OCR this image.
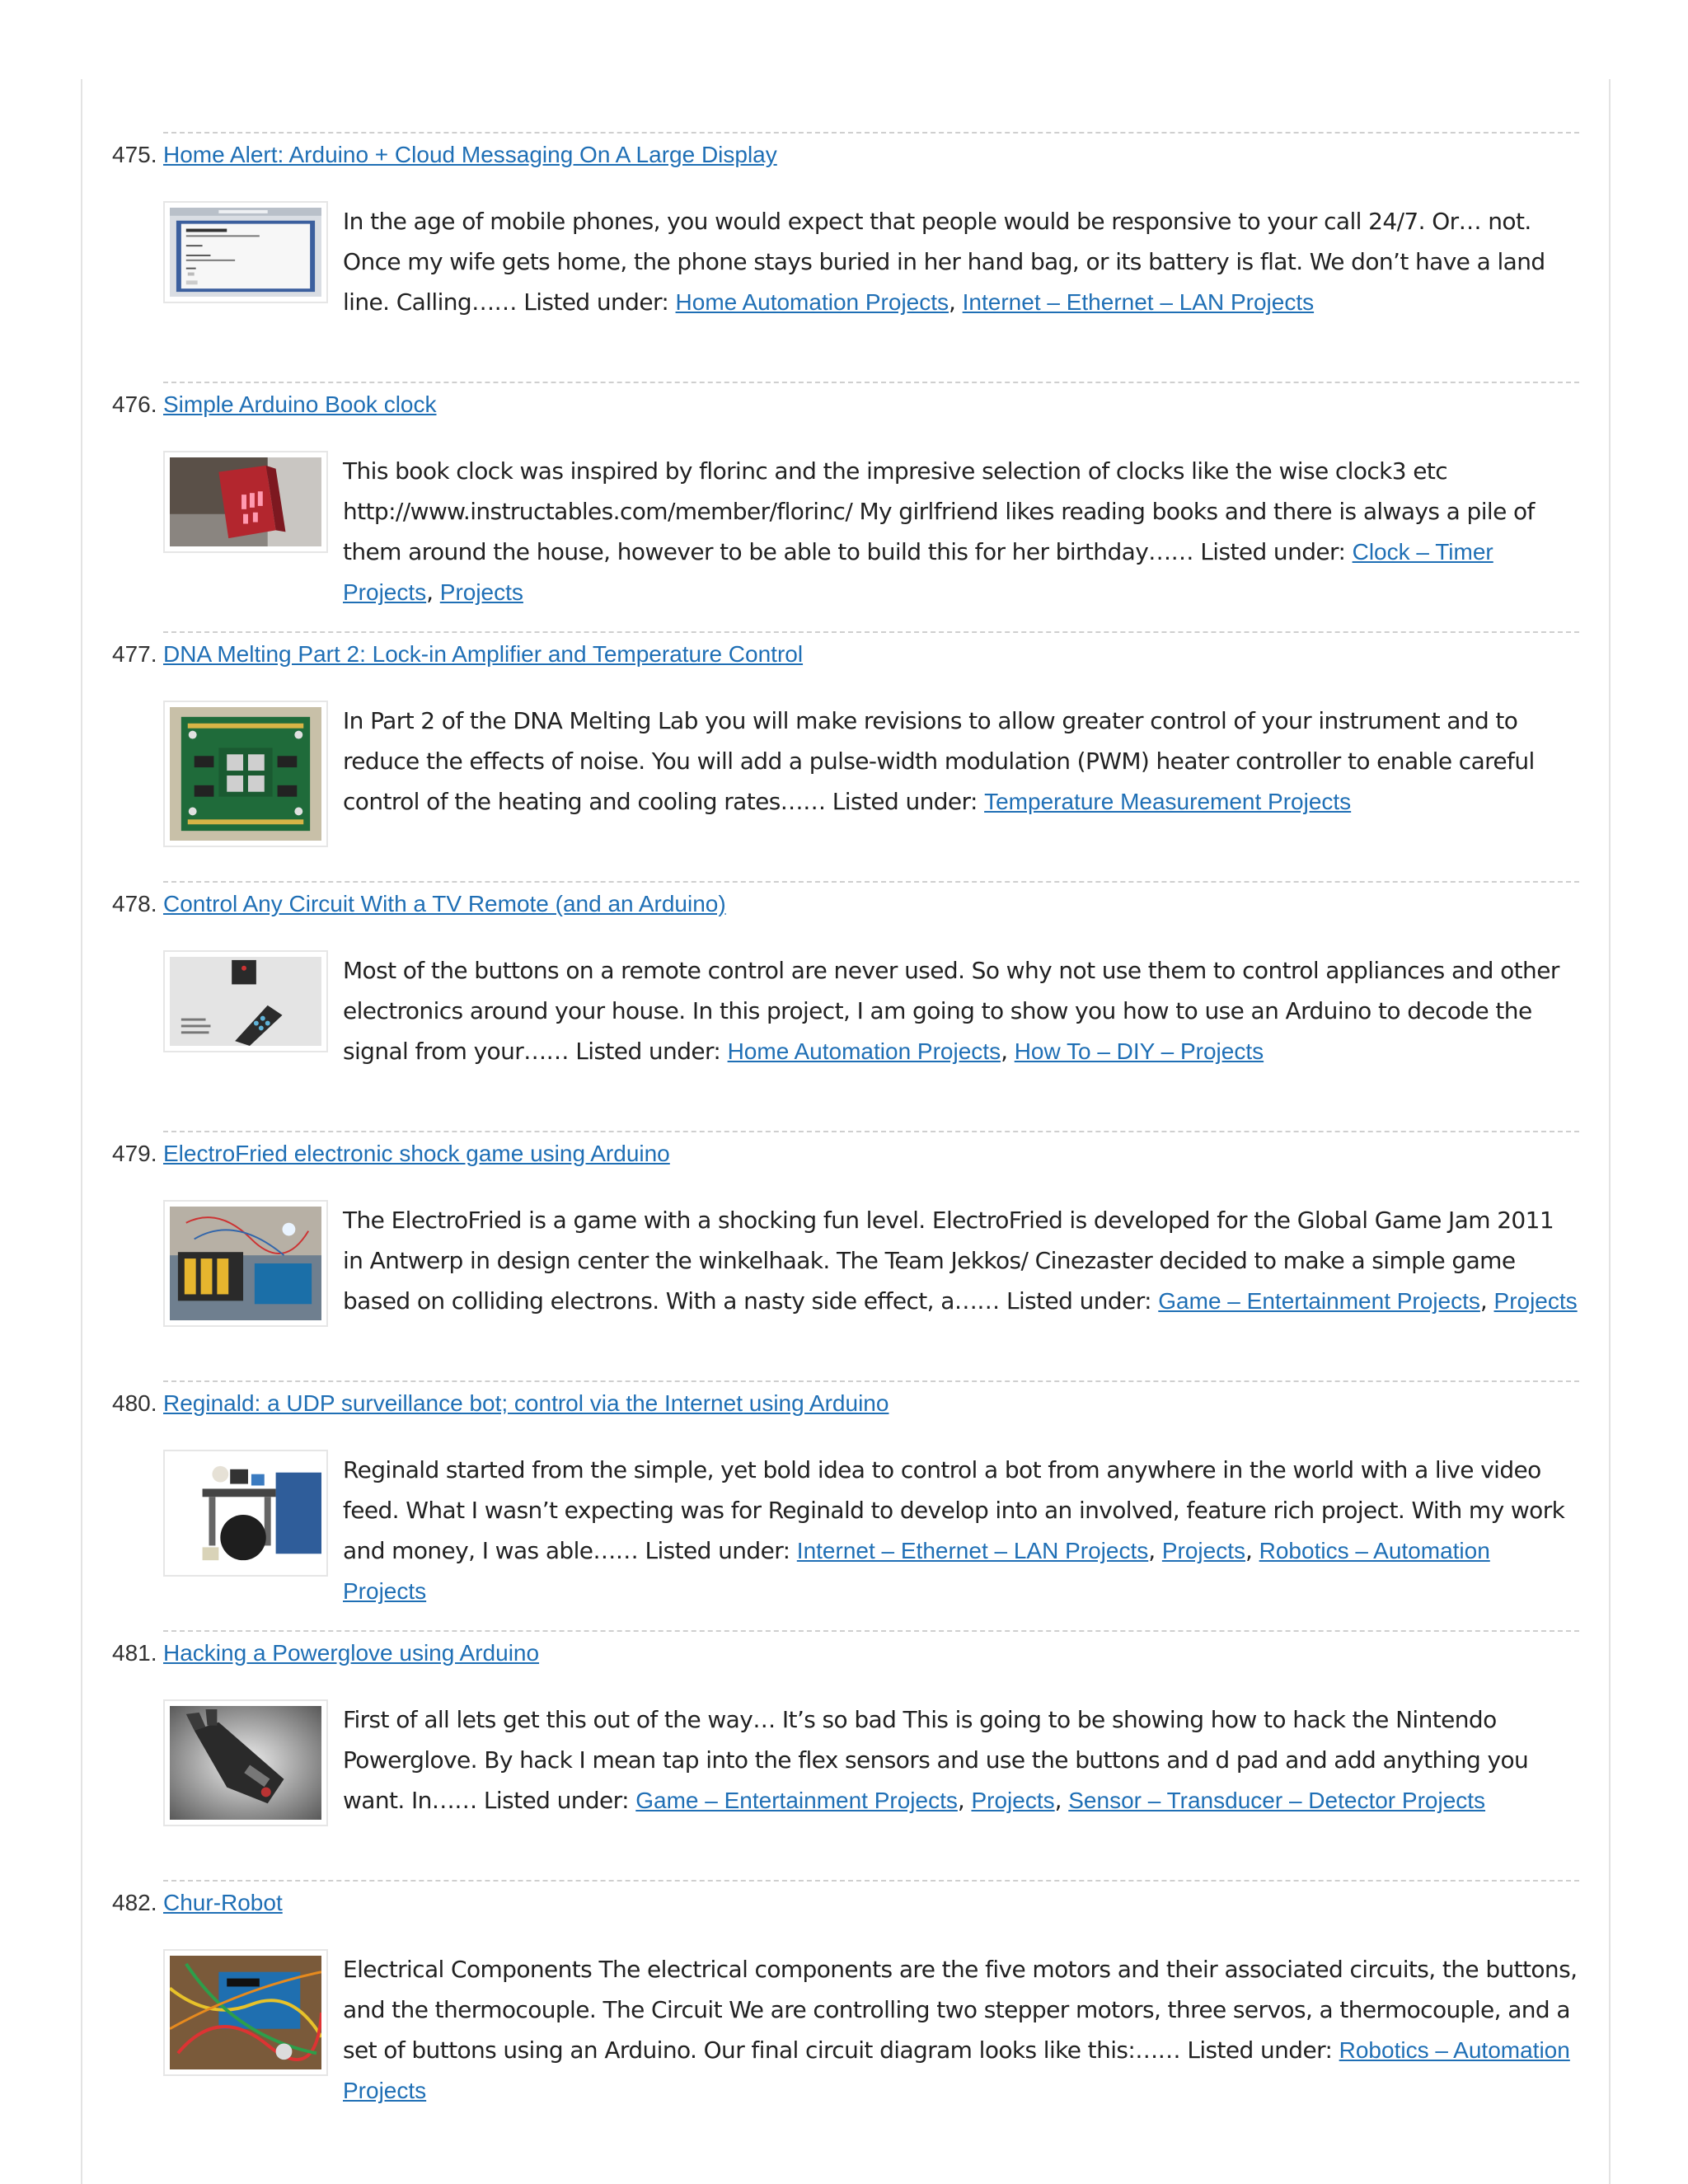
475. Home Alert: Arduino + Cloud Messaging On A Large Display
In the age of mobile phones, you would expect that people would be responsive to your call 24/7. Or… not. Once my wife gets home, the phone stays buried in her hand bag, or its battery is flat. We don’t have a land line. Calling…… Listed under: Home Automation Projects, Internet – Ethernet – LAN Projects
476. Simple Arduino Book clock
This book clock was inspired by florinc and the impresive selection of clocks like the wise clock3 etc http://www.instructables.com/member/florinc/ My girlfriend likes reading books and there is always a pile of them around the house, however to be able to build this for her birthday…… Listed under: Clock – Timer Projects, Projects
477. DNA Melting Part 2: Lock-in Amplifier and Temperature Control
In Part 2 of the DNA Melting Lab you will make revisions to allow greater control of your instrument and to reduce the effects of noise. You will add a pulse-width modulation (PWM) heater controller to enable careful control of the heating and cooling rates…… Listed under: Temperature Measurement Projects
478. Control Any Circuit With a TV Remote (and an Arduino)
Most of the buttons on a remote control are never used. So why not use them to control appliances and other electronics around your house. In this project, I am going to show you how to use an Arduino to decode the signal from your…… Listed under: Home Automation Projects, How To – DIY – Projects
479. ElectroFried electronic shock game using Arduino
The ElectroFried is a game with a shocking fun level. ElectroFried is developed for the Global Game Jam 2011 in Antwerp in design center the winkelhaak. The Team Jekkos/ Cinezaster decided to make a simple game based on colliding electrons. With a nasty side effect, a…… Listed under: Game – Entertainment Projects, Projects
480. Reginald: a UDP surveillance bot; control via the Internet using Arduino
Reginald started from the simple, yet bold idea to control a bot from anywhere in the world with a live video feed. What I wasn’t expecting was for Reginald to develop into an involved, feature rich project. With my work and money, I was able…… Listed under: Internet – Ethernet – LAN Projects, Projects, Robotics – Automation Projects
481. Hacking a Powerglove using Arduino
First of all lets get this out of the way… It’s so bad This is going to be showing how to hack the Nintendo Powerglove. By hack I mean tap into the flex sensors and use the buttons and d pad and add anything you want. In…… Listed under: Game – Entertainment Projects, Projects, Sensor – Transducer – Detector Projects
482. Chur-Robot
Electrical Components The electrical components are the five motors and their associated circuits, the buttons, and the thermocouple. The Circuit We are controlling two stepper motors, three servos, a thermocouple, and a set of buttons using an Arduino. Our final circuit diagram looks like this:…… Listed under: Robotics – Automation Projects
